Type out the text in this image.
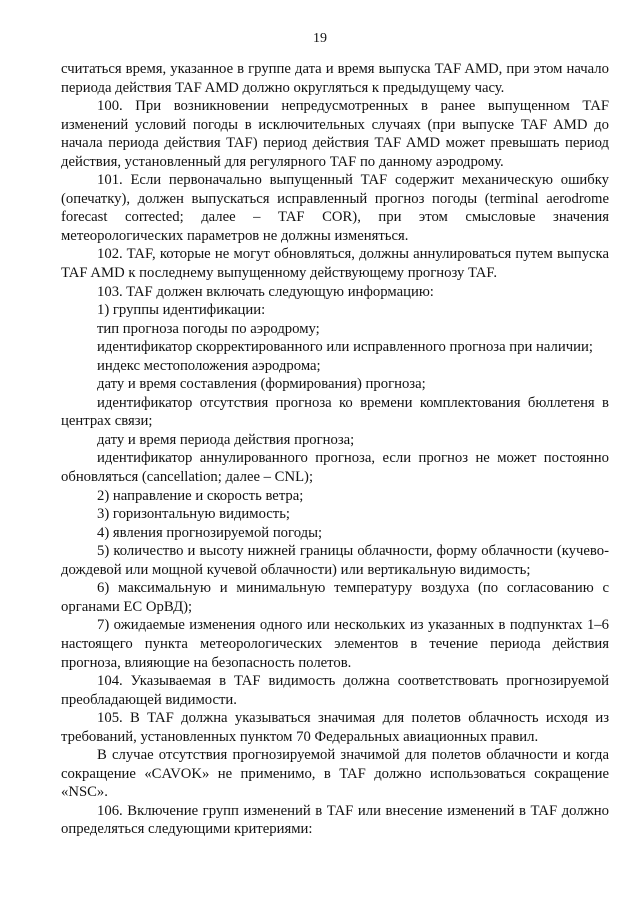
19

считаться время, указанное в группе дата и время выпуска TAF AMD, при этом начало периода действия TAF AMD должно округляться к предыдущему часу.

100. При возникновении непредусмотренных в ранее выпущенном TAF изменений условий погоды в исключительных случаях (при выпуске TAF AMD до начала периода действия TAF) период действия TAF AMD может превышать период действия, установленный для регулярного TAF по данному аэродрому.

101. Если первоначально выпущенный TAF содержит механическую ошибку (опечатку), должен выпускаться исправленный прогноз погоды (terminal aerodrome forecast corrected; далее – TAF COR), при этом смысловые значения метеорологических параметров не должны изменяться.

102. TAF, которые не могут обновляться, должны аннулироваться путем выпуска TAF AMD к последнему выпущенному действующему прогнозу TAF.

103. TAF должен включать следующую информацию:

1) группы идентификации:

тип прогноза погоды по аэродрому;

идентификатор скорректированного или исправленного прогноза при наличии;

индекс местоположения аэродрома;

дату и время составления (формирования) прогноза;

идентификатор отсутствия прогноза ко времени комплектования бюллетеня в центрах связи;

дату и время периода действия прогноза;

идентификатор аннулированного прогноза, если прогноз не может постоянно обновляться (cancellation; далее – CNL);

2) направление и скорость ветра;

3) горизонтальную видимость;

4) явления прогнозируемой погоды;

5) количество и высоту нижней границы облачности, форму облачности (кучево-дождевой или мощной кучевой облачности) или вертикальную видимость;

6) максимальную и минимальную температуру воздуха (по согласованию с органами ЕС ОрВД);

7) ожидаемые изменения одного или нескольких из указанных в подпунктах 1–6 настоящего пункта метеорологических элементов в течение периода действия прогноза, влияющие на безопасность полетов.

104. Указываемая в TAF видимость должна соответствовать прогнозируемой преобладающей видимости.

105. В TAF должна указываться значимая для полетов облачность исходя из требований, установленных пунктом 70 Федеральных авиационных правил.

В случае отсутствия прогнозируемой значимой для полетов облачности и когда сокращение «CAVOK» не применимо, в TAF должно использоваться сокращение «NSC».

106. Включение групп изменений в TAF или внесение изменений в TAF должно определяться следующими критериями:
